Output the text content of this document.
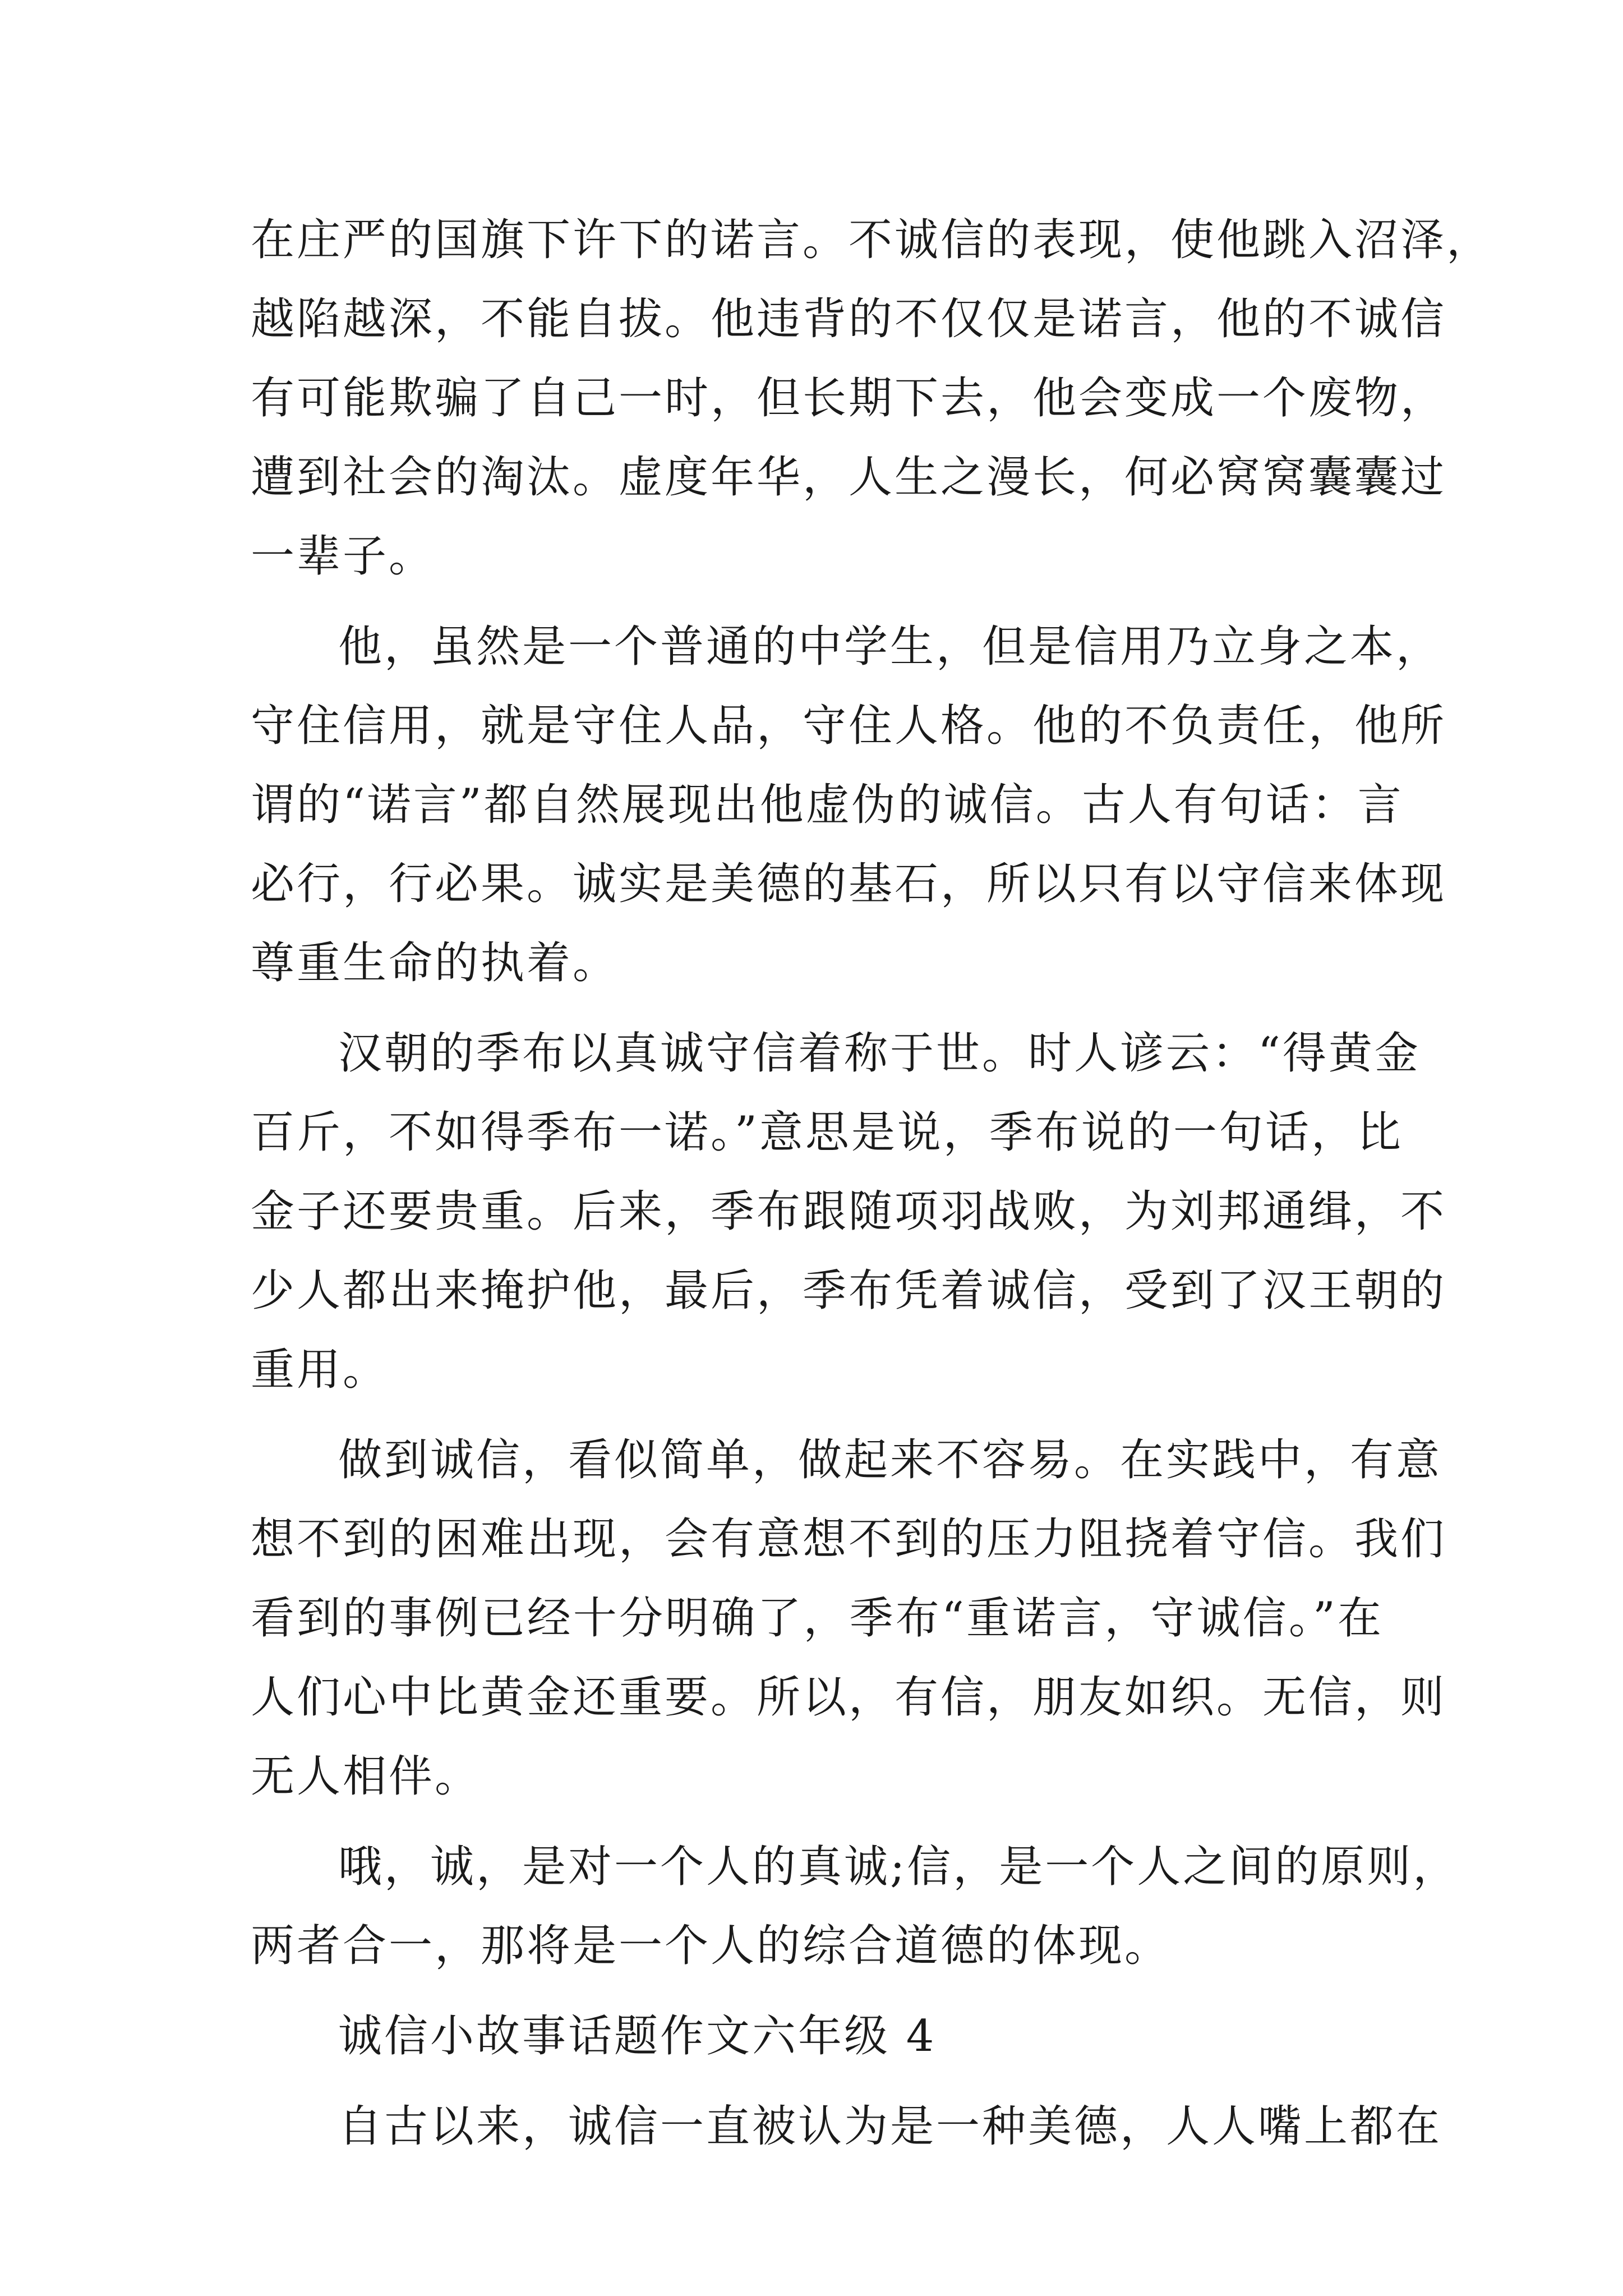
在庄严的国旗下许下的诺言。不诚信的表现，使他跳入沼泽，
越陷越深，不能自拔。他违背的不仅仅是诺言，他的不诚信
有可能欺骗了自己一时，但长期下去，他会变成一个废物，
遭到社会的淘汰。虚度年华，人生之漫长，何必窝窝囊囊过
一辈子。
他，虽然是一个普通的中学生，但是信用乃立身之本，
守住信用，就是守住人品，守住人格。他的不负责任，他所
谓的“诺言”都自然展现出他虚伪的诚信。古人有句话：言
必行，行必果。诚实是美德的基石，所以只有以守信来体现
尊重生命的执着。
汉朝的季布以真诚守信着称于世。时人谚云：“得黄金
百斤，不如得季布一诺。”意思是说，季布说的一句话，比
金子还要贵重。后来，季布跟随项羽战败，为刘邦通缉，不
少人都出来掩护他，最后，季布凭着诚信，受到了汉王朝的
重用。
做到诚信，看似简单，做起来不容易。在实践中，有意
想不到的困难出现，会有意想不到的压力阻挠着守信。我们
看到的事例已经十分明确了，季布“重诺言，守诚信。”在
人们心中比黄金还重要。所以，有信，朋友如织。无信，则
无人相伴。
哦，诚，是对一个人的真诚;信，是一个人之间的原则，
两者合一，那将是一个人的综合道德的体现。
诚信小故事话题作文六年级 4
自古以来，诚信一直被认为是一种美德，人人嘴上都在
